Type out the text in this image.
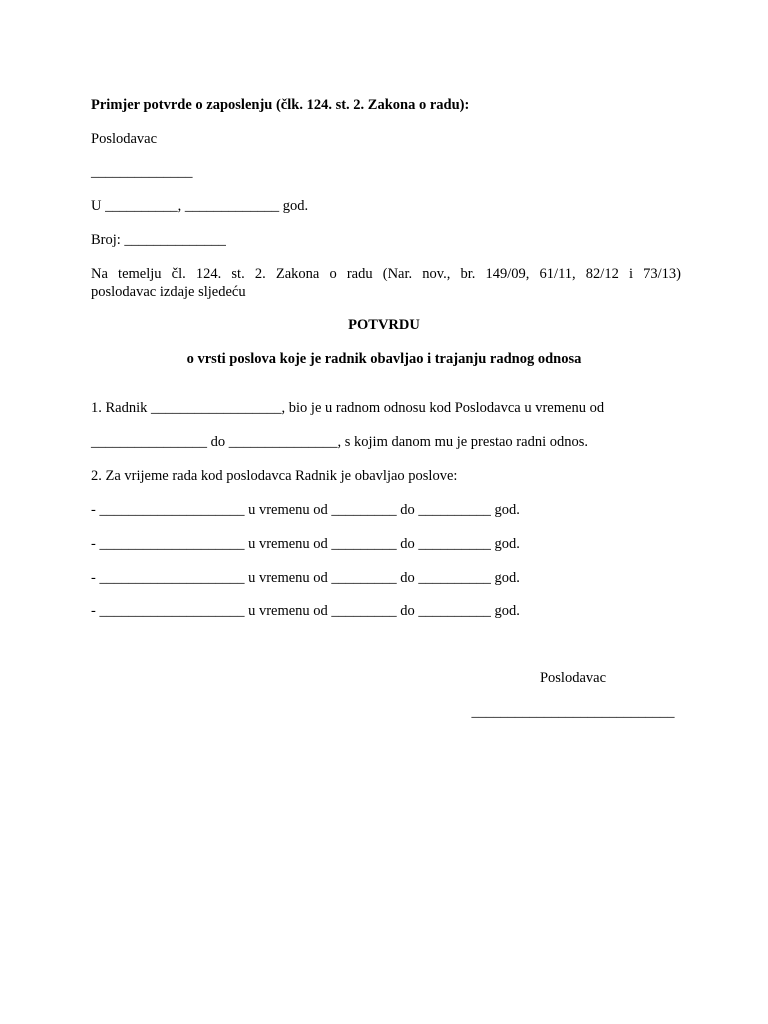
Primjer potvrde o zaposlenju (člk. 124. st. 2. Zakona o radu):
Poslodavac
______________
U __________, _____________ god.
Broj: ______________
Na temelju čl. 124. st. 2. Zakona o radu (Nar. nov., br. 149/09, 61/11, 82/12 i 73/13)
poslodavac izdaje sljedeću
POTVRDU
o vrsti poslova koje je radnik obavljao i trajanju radnog odnosa
1. Radnik __________________, bio je u radnom odnosu kod Poslodavca u vremenu od
________________ do _______________, s kojim danom mu je prestao radni odnos.
2. Za vrijeme rada kod poslodavca Radnik je obavljao poslove:
- ____________________ u vremenu od _________ do __________ god.
- ____________________ u vremenu od _________ do __________ god.
- ____________________ u vremenu od _________ do __________ god.
- ____________________ u vremenu od _________ do __________ god.
Poslodavac
____________________________
